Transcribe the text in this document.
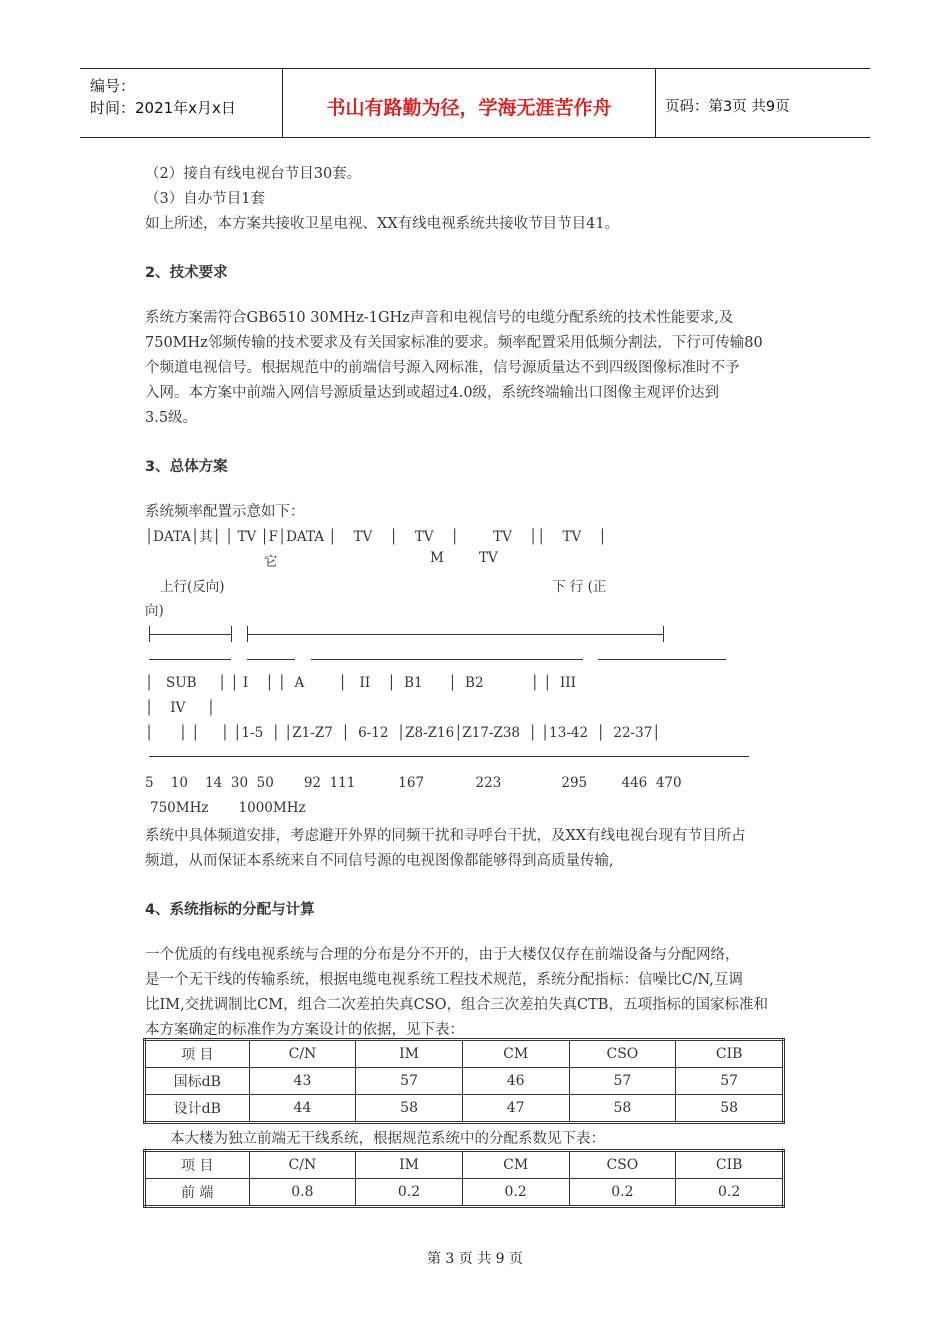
编号：
时间：2021年x月x日	书山有路勤为径，学海无涯苦作舟	页码：第3页 共9页
（2）接自有线电视台节目30套。
（3）自办节目1套
如上所述，本方案共接收卫星电视、XX有线电视系统共接收节目节目41。
2、技术要求
系统方案需符合GB6510 30MHz-1GHz声音和电视信号的电缆分配系统的技术性能要求,及
750MHz邻频传输的技术要求及有关国家标准的要求。频率配置采用低频分割法，下行可传输80
个频道电视信号。根据规范中的前端信号源入网标准，信号源质量达不到四级图像标准时不予
入网。本方案中前端入网信号源质量达到或超过4.0级，系统终端输出口图像主观评价达到
3.5级。
3、总体方案
系统频率配置示意如下：
│DATA│其│ │ TV │F│DATA │    TV    │    TV    │        TV    ││    TV    │
它	M	TV
上行(反向)	下 行 (正
向)
│   SUB     │ │ I    │ │  A        │   II    │  B1      │  B2           │ │  III
│    IV     │
│      │ │     │ │1-5  │ │Z1-Z7  │  6-12  │Z8-Z16│Z17-Z38  │ │13-42  │  22-37│
5    10    14  30  50       92  111          167            223              295        446  470
750MHz       1000MHz
系统中具体频道安排，考虑避开外界的同频干扰和寻呼台干扰，及XX有线电视台现有节目所占
频道，从而保证本系统来自不同信号源的电视图像都能够得到高质量传输,
4、系统指标的分配与计算
一个优质的有线电视系统与合理的分布是分不开的，由于大楼仅仅存在前端设备与分配网络，
是一个无干线的传输系统，根据电缆电视系统工程技术规范，系统分配指标：信噪比C/N,互调
比IM,交扰调制比CM，组合二次差拍失真CSO，组合三次差拍失真CTB，五项指标的国家标准和
本方案确定的标准作为方案设计的依据，见下表：
项 目	C/N	IM	CM	CSO	CIB
国标dB	43	57	46	57	57
设计dB	44	58	47	58	58
本大楼为独立前端无干线系统，根据规范系统中的分配系数见下表：
项 目	C/N	IM	CM	CSO	CIB
前 端	0.8	0.2	0.2	0.2	0.2
第 3 页 共 9 页
